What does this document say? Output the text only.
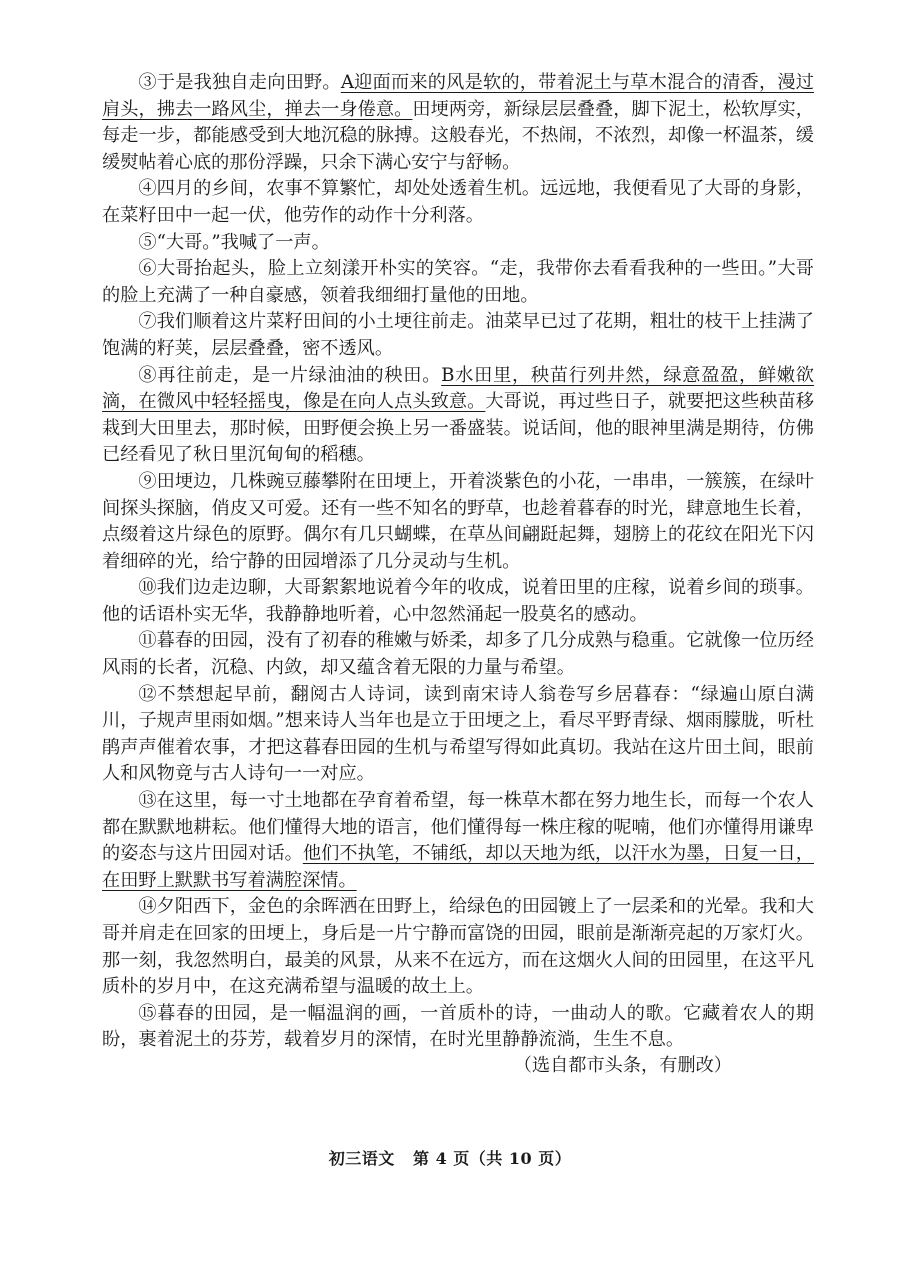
③于是我独自走向田野。A迎面而来的风是软的，带着泥土与草木混合的清香，漫过肩头，拂去一路风尘，掸去一身倦意。田埂两旁，新绿层层叠叠，脚下泥土，松软厚实，每走一步，都能感受到大地沉稳的脉搏。这般春光，不热闹，不浓烈，却像一杯温茶，缓缓熨帖着心底的那份浮躁，只余下满心安宁与舒畅。

④四月的乡间，农事不算繁忙，却处处透着生机。远远地，我便看见了大哥的身影，在菜籽田中一起一伏，他劳作的动作十分利落。

⑤“大哥。”我喊了一声。

⑥大哥抬起头，脸上立刻漾开朴实的笑容。“走，我带你去看看我种的一些田。”大哥的脸上充满了一种自豪感，领着我细细打量他的田地。

⑦我们顺着这片菜籽田间的小土埂往前走。油菜早已过了花期，粗壮的枝干上挂满了饱满的籽荚，层层叠叠，密不透风。

⑧再往前走，是一片绿油油的秧田。B水田里，秧苗行列井然，绿意盈盈，鲜嫩欲滴，在微风中轻轻摇曳，像是在向人点头致意。大哥说，再过些日子，就要把这些秧苗移栽到大田里去，那时候，田野便会换上另一番盛装。说话间，他的眼神里满是期待，仿佛已经看见了秋日里沉甸甸的稻穗。

⑨田埂边，几株豌豆藤攀附在田埂上，开着淡紫色的小花，一串串，一簇簇，在绿叶间探头探脑，俏皮又可爱。还有一些不知名的野草，也趁着暮春的时光，肆意地生长着，点缀着这片绿色的原野。偶尔有几只蝴蝶，在草丛间翩跹起舞，翅膀上的花纹在阳光下闪着细碎的光，给宁静的田园增添了几分灵动与生机。

⑩我们边走边聊，大哥絮絮地说着今年的收成，说着田里的庄稼，说着乡间的琐事。他的话语朴实无华，我静静地听着，心中忽然涌起一股莫名的感动。

⑪暮春的田园，没有了初春的稚嫩与娇柔，却多了几分成熟与稳重。它就像一位历经风雨的长者，沉稳、内敛，却又蕴含着无限的力量与希望。

⑫不禁想起早前，翻阅古人诗词，读到南宋诗人翁卷写乡居暮春：“绿遍山原白满川，子规声里雨如烟。”想来诗人当年也是立于田埂之上，看尽平野青绿、烟雨朦胧，听杜鹃声声催着农事，才把这暮春田园的生机与希望写得如此真切。我站在这片田土间，眼前人和风物竟与古人诗句一一对应。

⑬在这里，每一寸土地都在孕育着希望，每一株草木都在努力地生长，而每一个农人都在默默地耕耘。他们懂得大地的语言，他们懂得每一株庄稼的呢喃，他们亦懂得用谦卑的姿态与这片田园对话。他们不执笔，不铺纸，却以天地为纸，以汗水为墨，日复一日，在田野上默默书写着满腔深情。

⑭夕阳西下，金色的余晖洒在田野上，给绿色的田园镀上了一层柔和的光晕。我和大哥并肩走在回家的田埂上，身后是一片宁静而富饶的田园，眼前是渐渐亮起的万家灯火。那一刻，我忽然明白，最美的风景，从来不在远方，而在这烟火人间的田园里，在这平凡质朴的岁月中，在这充满希望与温暖的故土上。

⑮暮春的田园，是一幅温润的画，一首质朴的诗，一曲动人的歌。它藏着农人的期盼，裹着泥土的芬芳，载着岁月的深情，在时光里静静流淌，生生不息。

（选自都市头条，有删改）
初三语文 第 4 页（共 10 页）
